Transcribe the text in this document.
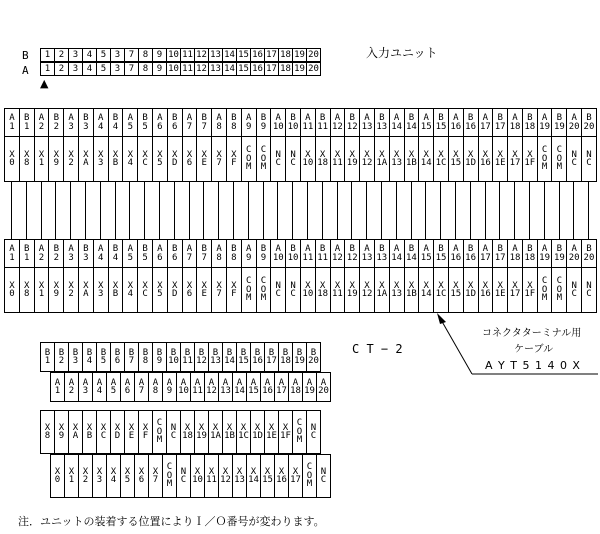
入力ユニット
B
A
1 2 3 4 5 3 7 8 9 10 11 12 13 14 15 16 17 18 19 20
1 2 3 4 5 3 7 8 9 10 11 12 13 14 15 16 17 18 19 20
▲
A
1
B
1
A
2
B
2
A
3
B
3
A
4
B
4
A
5
B
5
A
6
B
6
A
7
B
7
A
8
B
8
A
9
B
9
A
10
B
10
A
11
B
11
A
12
B
12
A
13
B
13
A
14
B
14
A
15
B
15
A
16
B
16
A
17
B
17
A
18
B
18
A
19
B
19
A
20
B
20
X
0
X
8
X
1
X
9
X
2
X
A
X
3
X
B
X
4
X
C
X
5
X
D
X
6
X
E
X
7
X
F
C
O
M
C
O
M
N
C
N
C
X
10
X
18
X
11
X
19
X
12
X
1A
X
13
X
1B
X
14
X
1C
X
15
X
1D
X
16
X
1E
X
17
X
1F
C
O
M
C
O
M
N
C
N
C
A
1
B
1
A
2
B
2
A
3
B
3
A
4
B
4
A
5
B
5
A
6
B
6
A
7
B
7
A
8
B
8
A
9
B
9
A
10
B
10
A
11
B
11
A
12
B
12
A
13
B
13
A
14
B
14
A
15
B
15
A
16
B
16
A
17
B
17
A
18
B
18
A
19
B
19
A
20
B
20
X
0
X
8
X
1
X
9
X
2
X
A
X
3
X
B
X
4
X
C
X
5
X
D
X
6
X
E
X
7
X
F
C
O
M
C
O
M
N
C
N
C
X
10
X
18
X
11
X
19
X
12
X
1A
X
13
X
1B
X
14
X
1C
X
15
X
1D
X
16
X
1E
X
17
X
1F
C
O
M
C
O
M
N
C
N
C
コネクタターミナル用
ケーブル
A Y T 5 1 4 0 X
C T − 2
B
1
B
2
B
3
B
4
B
5
B
6
B
7
B
8
B
9
B
10
B
11
B
12
B
13
B
14
B
15
B
16
B
17
B
18
B
19
B
20
A
1
A
2
A
3
A
4
A
5
A
6
A
7
A
8
A
9
A
10
A
11
A
12
A
13
A
14
A
15
A
16
A
17
A
18
A
19
A
20
X
8
X
9
X
A
X
B
X
C
X
D
X
E
X
F
C
O
M
N
C
X
18
X
19
X
1A
X
1B
X
1C
X
1D
X
1E
X
1F
C
O
M
N
C
X
0
X
1
X
2
X
3
X
4
X
5
X
6
X
7
C
O
M
N
C
X
10
X
11
X
12
X
13
X
14
X
15
X
16
X
17
C
O
M
N
C
注．ユニットの装着する位置によりＩ／Ｏ番号が変わります。
